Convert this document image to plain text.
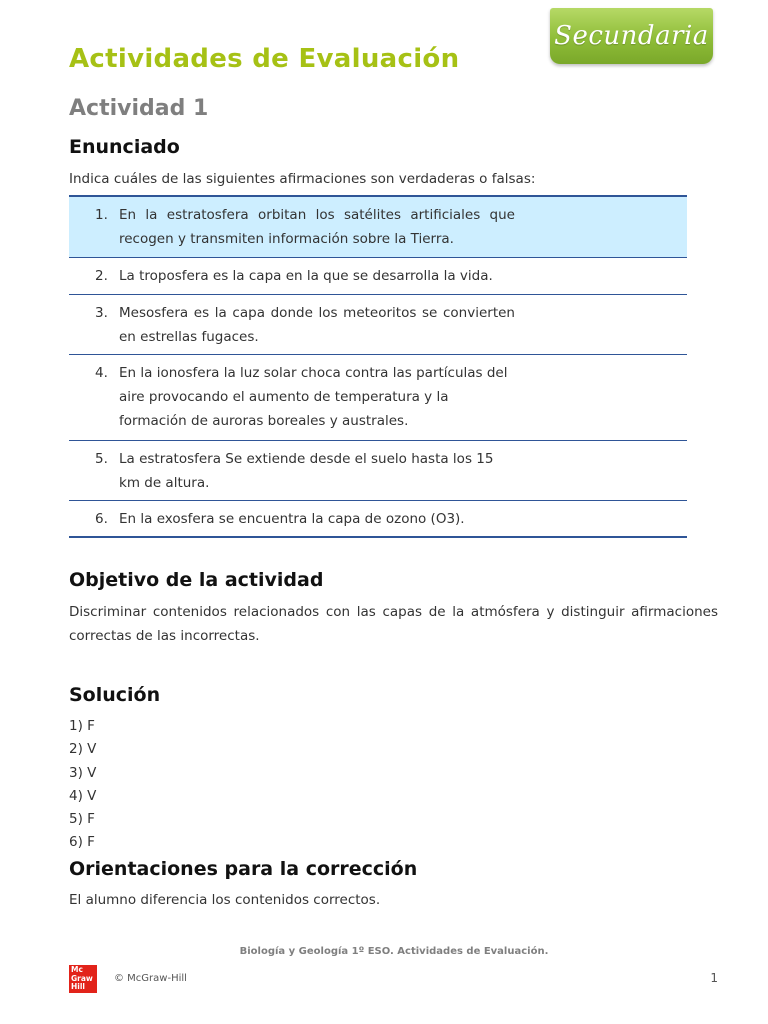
Secundaria
Actividades de Evaluación
Actividad 1
Enunciado

Indica cuáles de las siguientes afirmaciones son verdaderas o falsas:

1. En la estratosfera orbitan los satélites artificiales que recogen y transmiten información sobre la Tierra.
2. La troposfera es la capa en la que se desarrolla la vida.
3. Mesosfera es la capa donde los meteoritos se convierten en estrellas fugaces.
4. En la ionosfera la luz solar choca contra las partículas del aire provocando el aumento de temperatura y la formación de auroras boreales y australes.
5. La estratosfera Se extiende desde el suelo hasta los 15 km de altura.
6. En la exosfera se encuentra la capa de ozono (O3).
Objetivo de la actividad

Discriminar contenidos relacionados con las capas de la atmósfera y distinguir afirmaciones correctas de las incorrectas.

Solución
1) F
2) V
3) V
4) V
5) F
6) F
Orientaciones para la corrección

El alumno diferencia los contenidos correctos.

Biología y Geología 1º ESO. Actividades de Evaluación.
Mc
Graw
Hill
© McGraw-Hill	1
